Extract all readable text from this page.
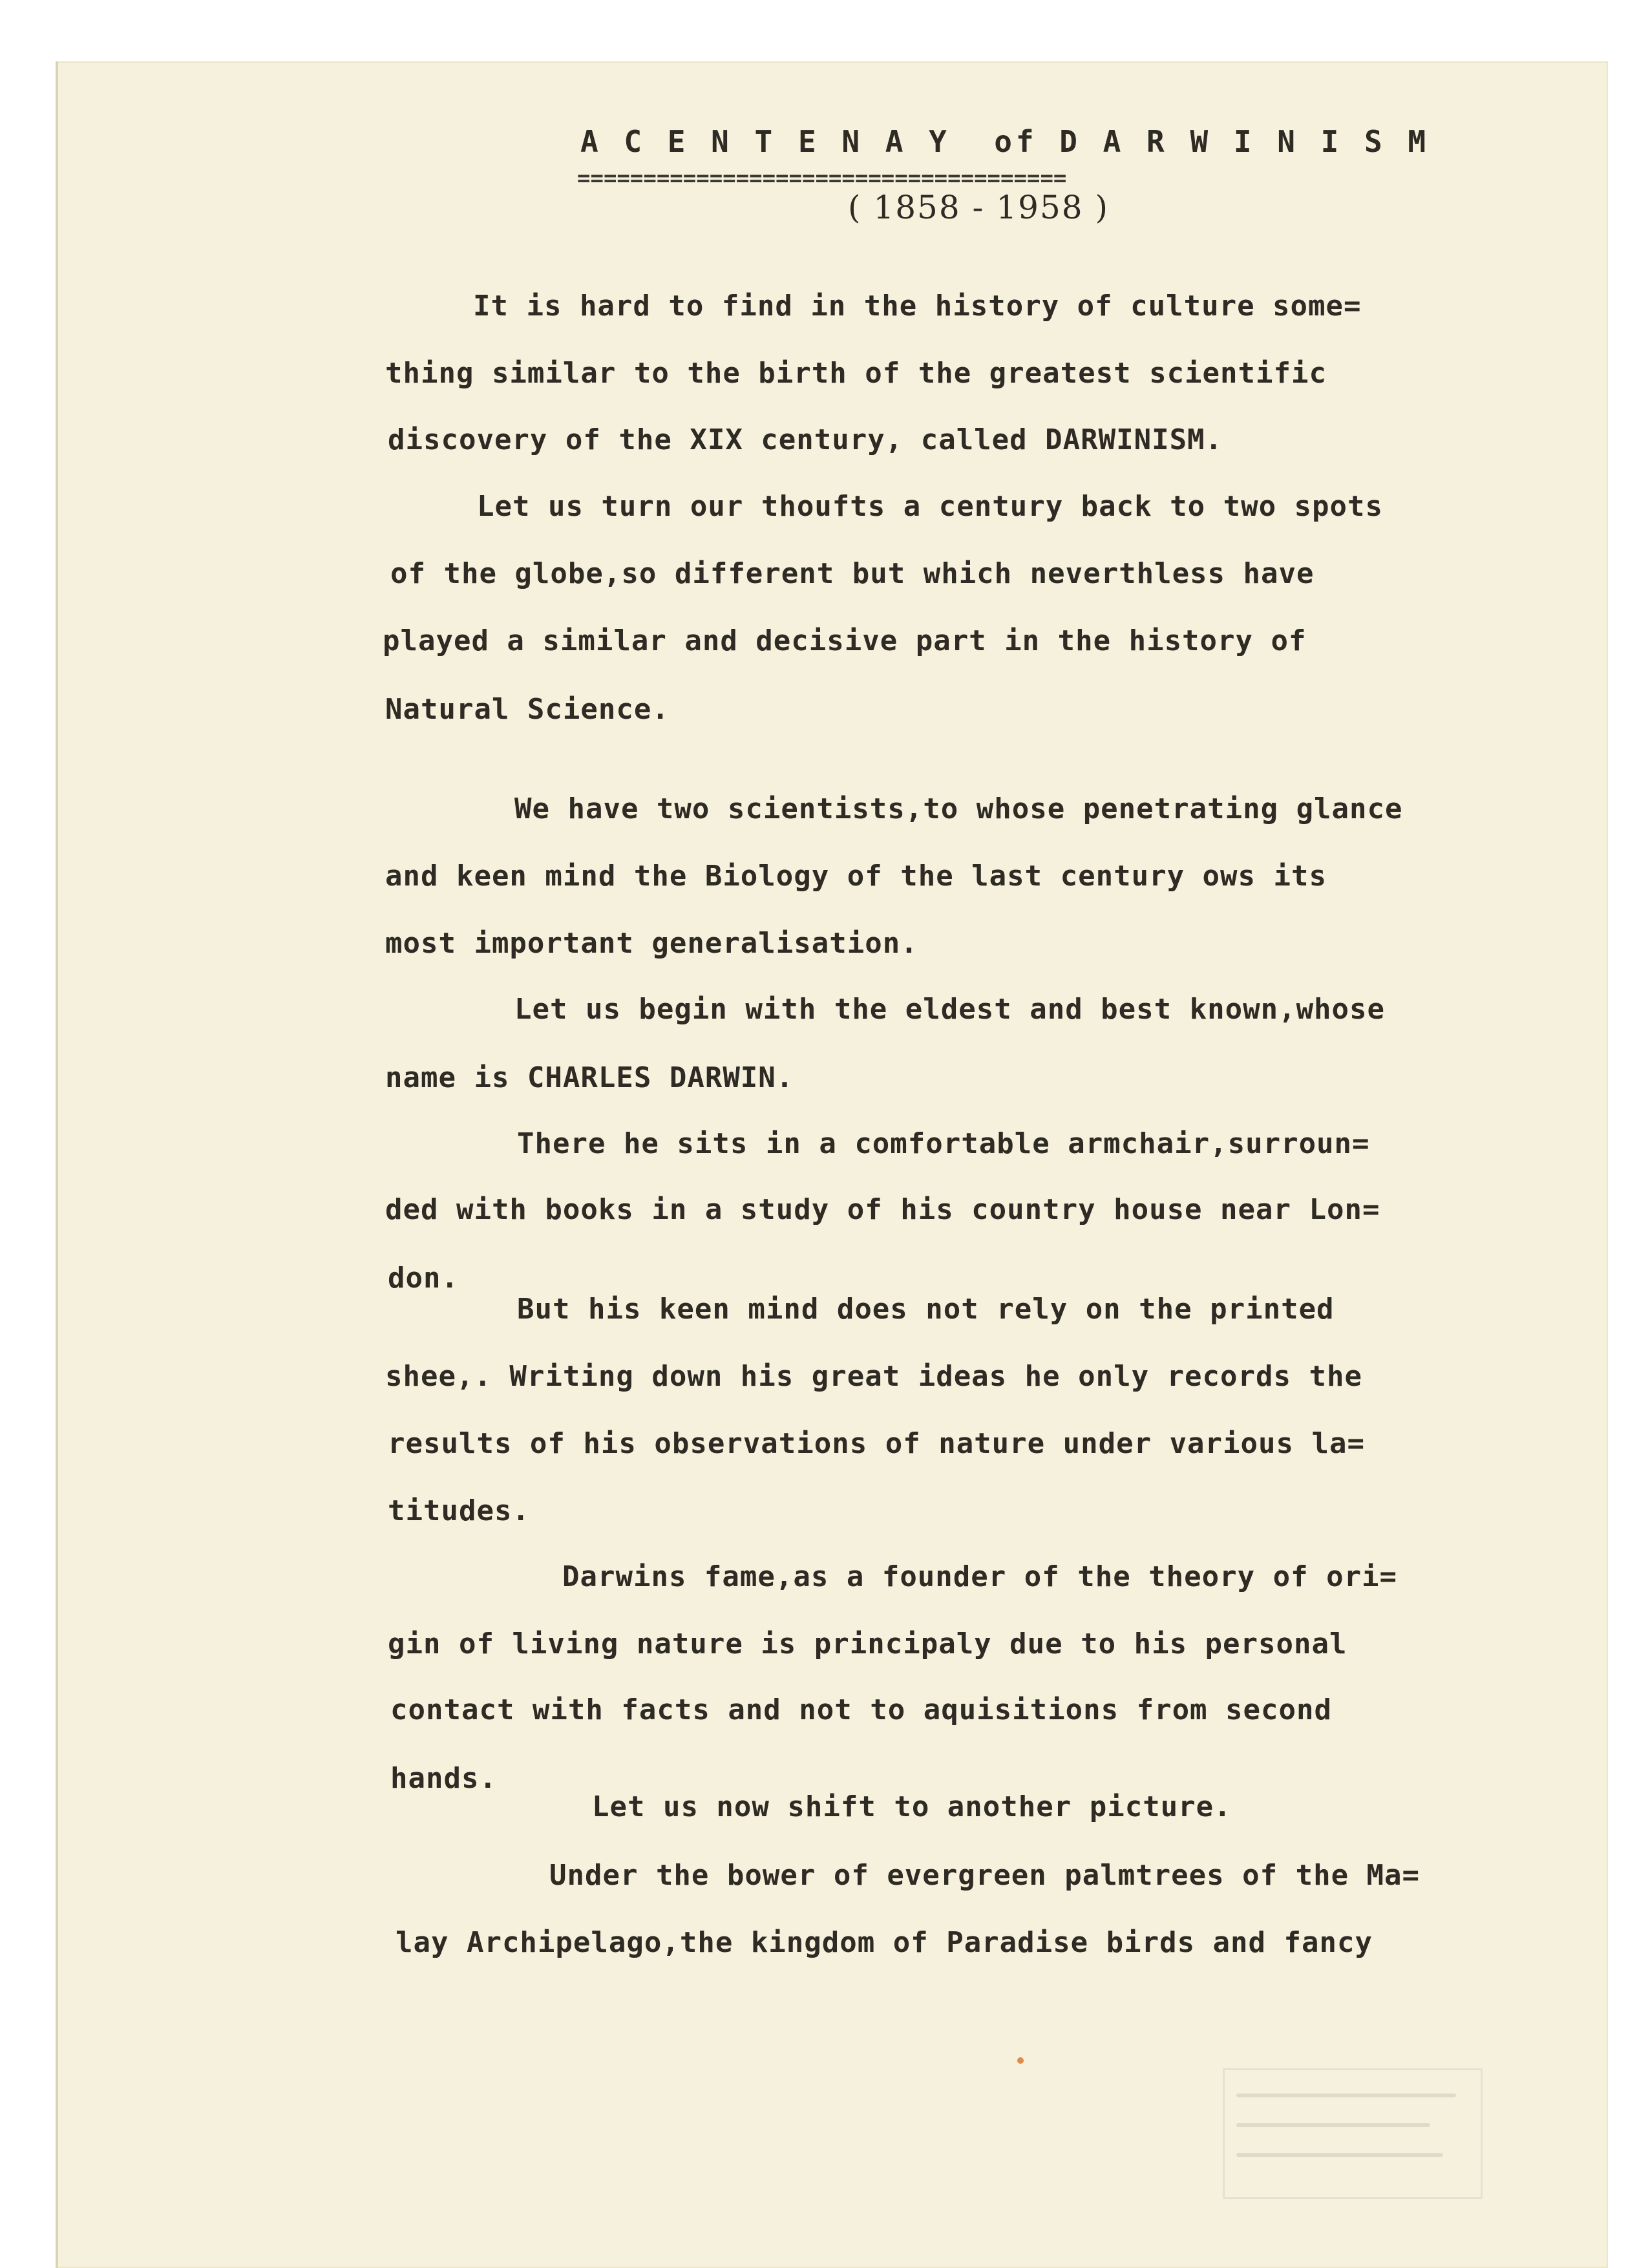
A C E N T E N A Y  of D A R W I N I S M
=====================================
( 1858 - 1958 )
It is hard to find in the history of culture some=
thing similar to the birth of the greatest scientific
discovery of the XIX century, called DARWINISM.
Let us turn our thoufts a century back to two spots
of the globe,so different but which neverthless have
played a similar and decisive part in the history of
Natural Science.
We have two scientists,to whose penetrating glance
and keen mind the Biology of the last century ows its
most important generalisation.
Let us begin with the eldest and best known,whose
name is CHARLES DARWIN.
There he sits in a comfortable armchair,surroun=
ded with books in a study of his country house near Lon=
don.
But his keen mind does not rely on the printed
shee,. Writing down his great ideas he only records the
results of his observations of nature under various la=
titudes.
Darwins fame,as a founder of the theory of ori=
gin of living nature is principaly due to his personal
contact with facts and not to aquisitions from second
hands.
Let us now shift to another picture.
Under the bower of evergreen palmtrees of the Ma=
lay Archipelago,the kingdom of Paradise birds and fancy
